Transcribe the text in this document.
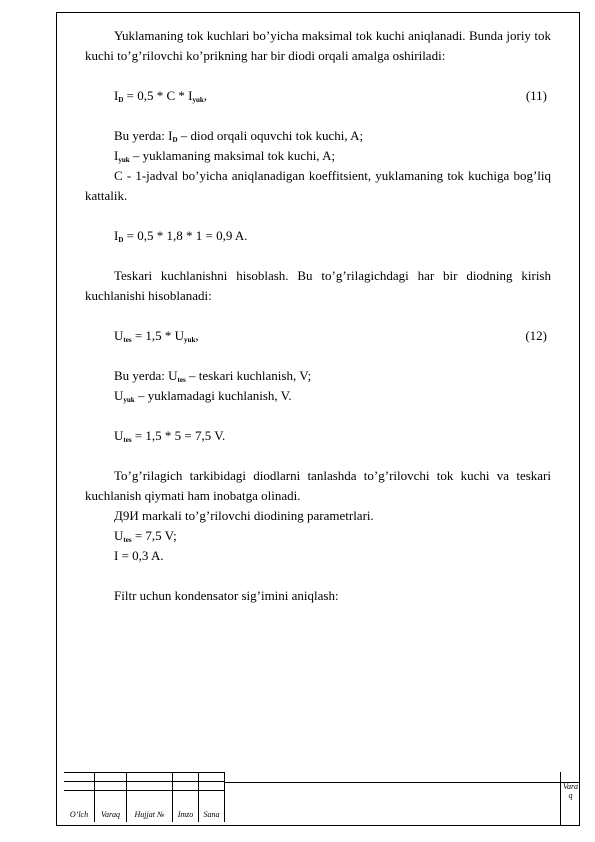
Yuklamaning tok kuchlari bo’yicha maksimal tok kuchi aniqlanadi. Bunda joriy tok kuchi to’g’rilovchi ko’prikning har bir diodi orqali amalga oshiriladi:

$I_D = 0,5 * C * I_{yuk}$,	(11)

Bu yerda: $I_D$ – diod orqali oquvchi tok kuchi, A;

$I_{yuk}$ – yuklamaning maksimal tok kuchi, A;

C - 1-jadval bo’yicha aniqlanadigan koeffitsient, yuklamaning tok kuchiga bog’liq kattalik.

$I_D = 0,5 * 1,8 * 1 = 0,9$ A.

Teskari kuchlanishni hisoblash. Bu to’g’rilagichdagi har bir diodning kirish kuchlanishi hisoblanadi:

$U_{tes} = 1,5 * U_{yuk}$,	(12)

Bu yerda: $U_{tes}$ – teskari kuchlanish, V;

$U_{yuk}$ – yuklamadagi kuchlanish, V.

$U_{tes} = 1,5 * 5 = 7,5$ V.

To’g’rilagich tarkibidagi diodlarni tanlashda to’g’rilovchi tok kuchi va teskari kuchlanish qiymati ham inobatga olinadi.

Д9И markali to’g’rilovchi diodining parametrlari.

$U_{tes} = 7,5$ V;

I = 0,3 A.

Filtr uchun kondensator sig’imini aniqlash:

O’lch	Varaq	Hujjat №	Imzo	Sana
Vara q
